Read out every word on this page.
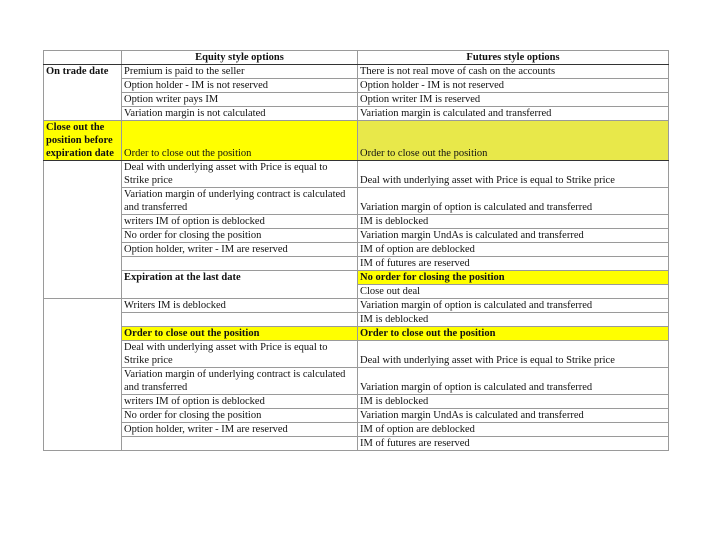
	Equity style options	Futures style options	
On trade date	Premium is paid to the seller	There is not real move of cash on the accounts	
	Option holder - IM is not reserved	Option holder - IM is not reserved	
	Option writer pays IM	Option writer IM is reserved	
	Variation margin is not calculated	Variation margin is calculated and transferred	
Close out the position before expiration date	Order to close out the position	Order to close out the position	
	Deal with underlying asset with Price is equal to Strike price	Deal with underlying asset with Price is equal to Strike price	
	Variation margin of underlying contract is calculated and transferred	Variation margin of option is calculated and transferred	
	writers IM of option is deblocked	IM is deblocked	
	No order for closing the position	Variation margin UndAs is calculated and transferred	
	Option holder, writer - IM are reserved	IM of option are deblocked	
		IM of futures are reserved	
	Expiration at the last date	No order for closing the position	
		Close out deal	
	Writers IM is deblocked	Variation margin of option is calculated and transferred	
		IM is deblocked	
	Order to close out the position	Order to close out the position	
	Deal with underlying asset with Price is equal to Strike price	Deal with underlying asset with Price is equal to Strike price	
	Variation margin of underlying contract is calculated and transferred	Variation margin of option is calculated and transferred	
	writers IM of option is deblocked	IM is deblocked	
	No order for closing the position	Variation margin UndAs is calculated and transferred	
	Option holder, writer - IM are reserved	IM of option are deblocked	
		IM of futures are reserved	
